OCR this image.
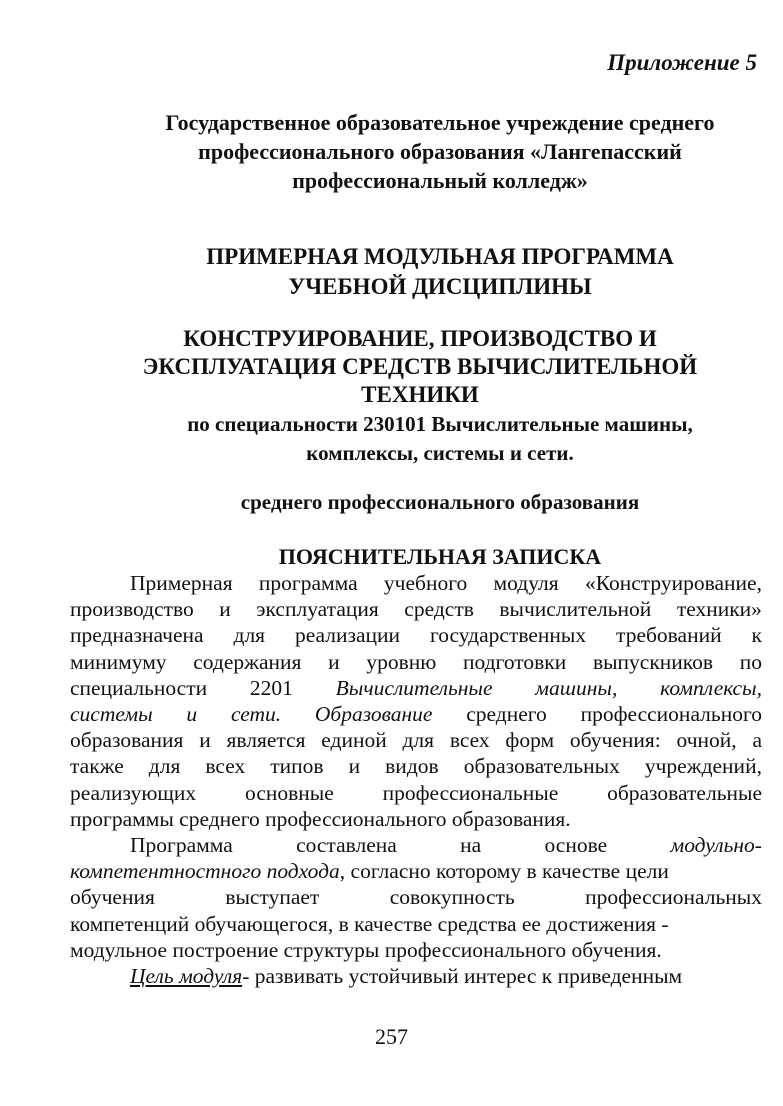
Приложение 5
Государственное образовательное учреждение среднего
профессионального образования «Лангепасский
профессиональный колледж»
ПРИМЕРНАЯ МОДУЛЬНАЯ ПРОГРАММА
УЧЕБНОЙ ДИСЦИПЛИНЫ
КОНСТРУИРОВАНИЕ, ПРОИЗВОДСТВО И
ЭКСПЛУАТАЦИЯ СРЕДСТВ ВЫЧИСЛИТЕЛЬНОЙ
ТЕХНИКИ
по специальности 230101 Вычислительные машины,
комплексы, системы и сети.
среднего профессионального образования
ПОЯСНИТЕЛЬНАЯ ЗАПИСКА
Примерная программа учебного модуля «Конструирование,
производство и эксплуатация средств вычислительной техники»
предназначена для реализации государственных требований к
минимуму содержания и уровню подготовки выпускников по
специальности 2201 Вычислительные машины, комплексы,
системы и сети. Образование среднего профессионального
образования и является единой для всех форм обучения: очной, а
также для всех типов и видов образовательных учреждений,
реализующих основные профессиональные образовательные
программы среднего профессионального образования.
Программа	составлена	на	основе	модульно-
компетентностного подхода , согласно которому в качестве цели
обучения	выступает	совокупность	профессиональных
компетенций обучающегося, в качестве средства ее достижения -
модульное построение структуры профессионального обучения.
Цель модуля - развивать устойчивый интерес к приведенным
257
